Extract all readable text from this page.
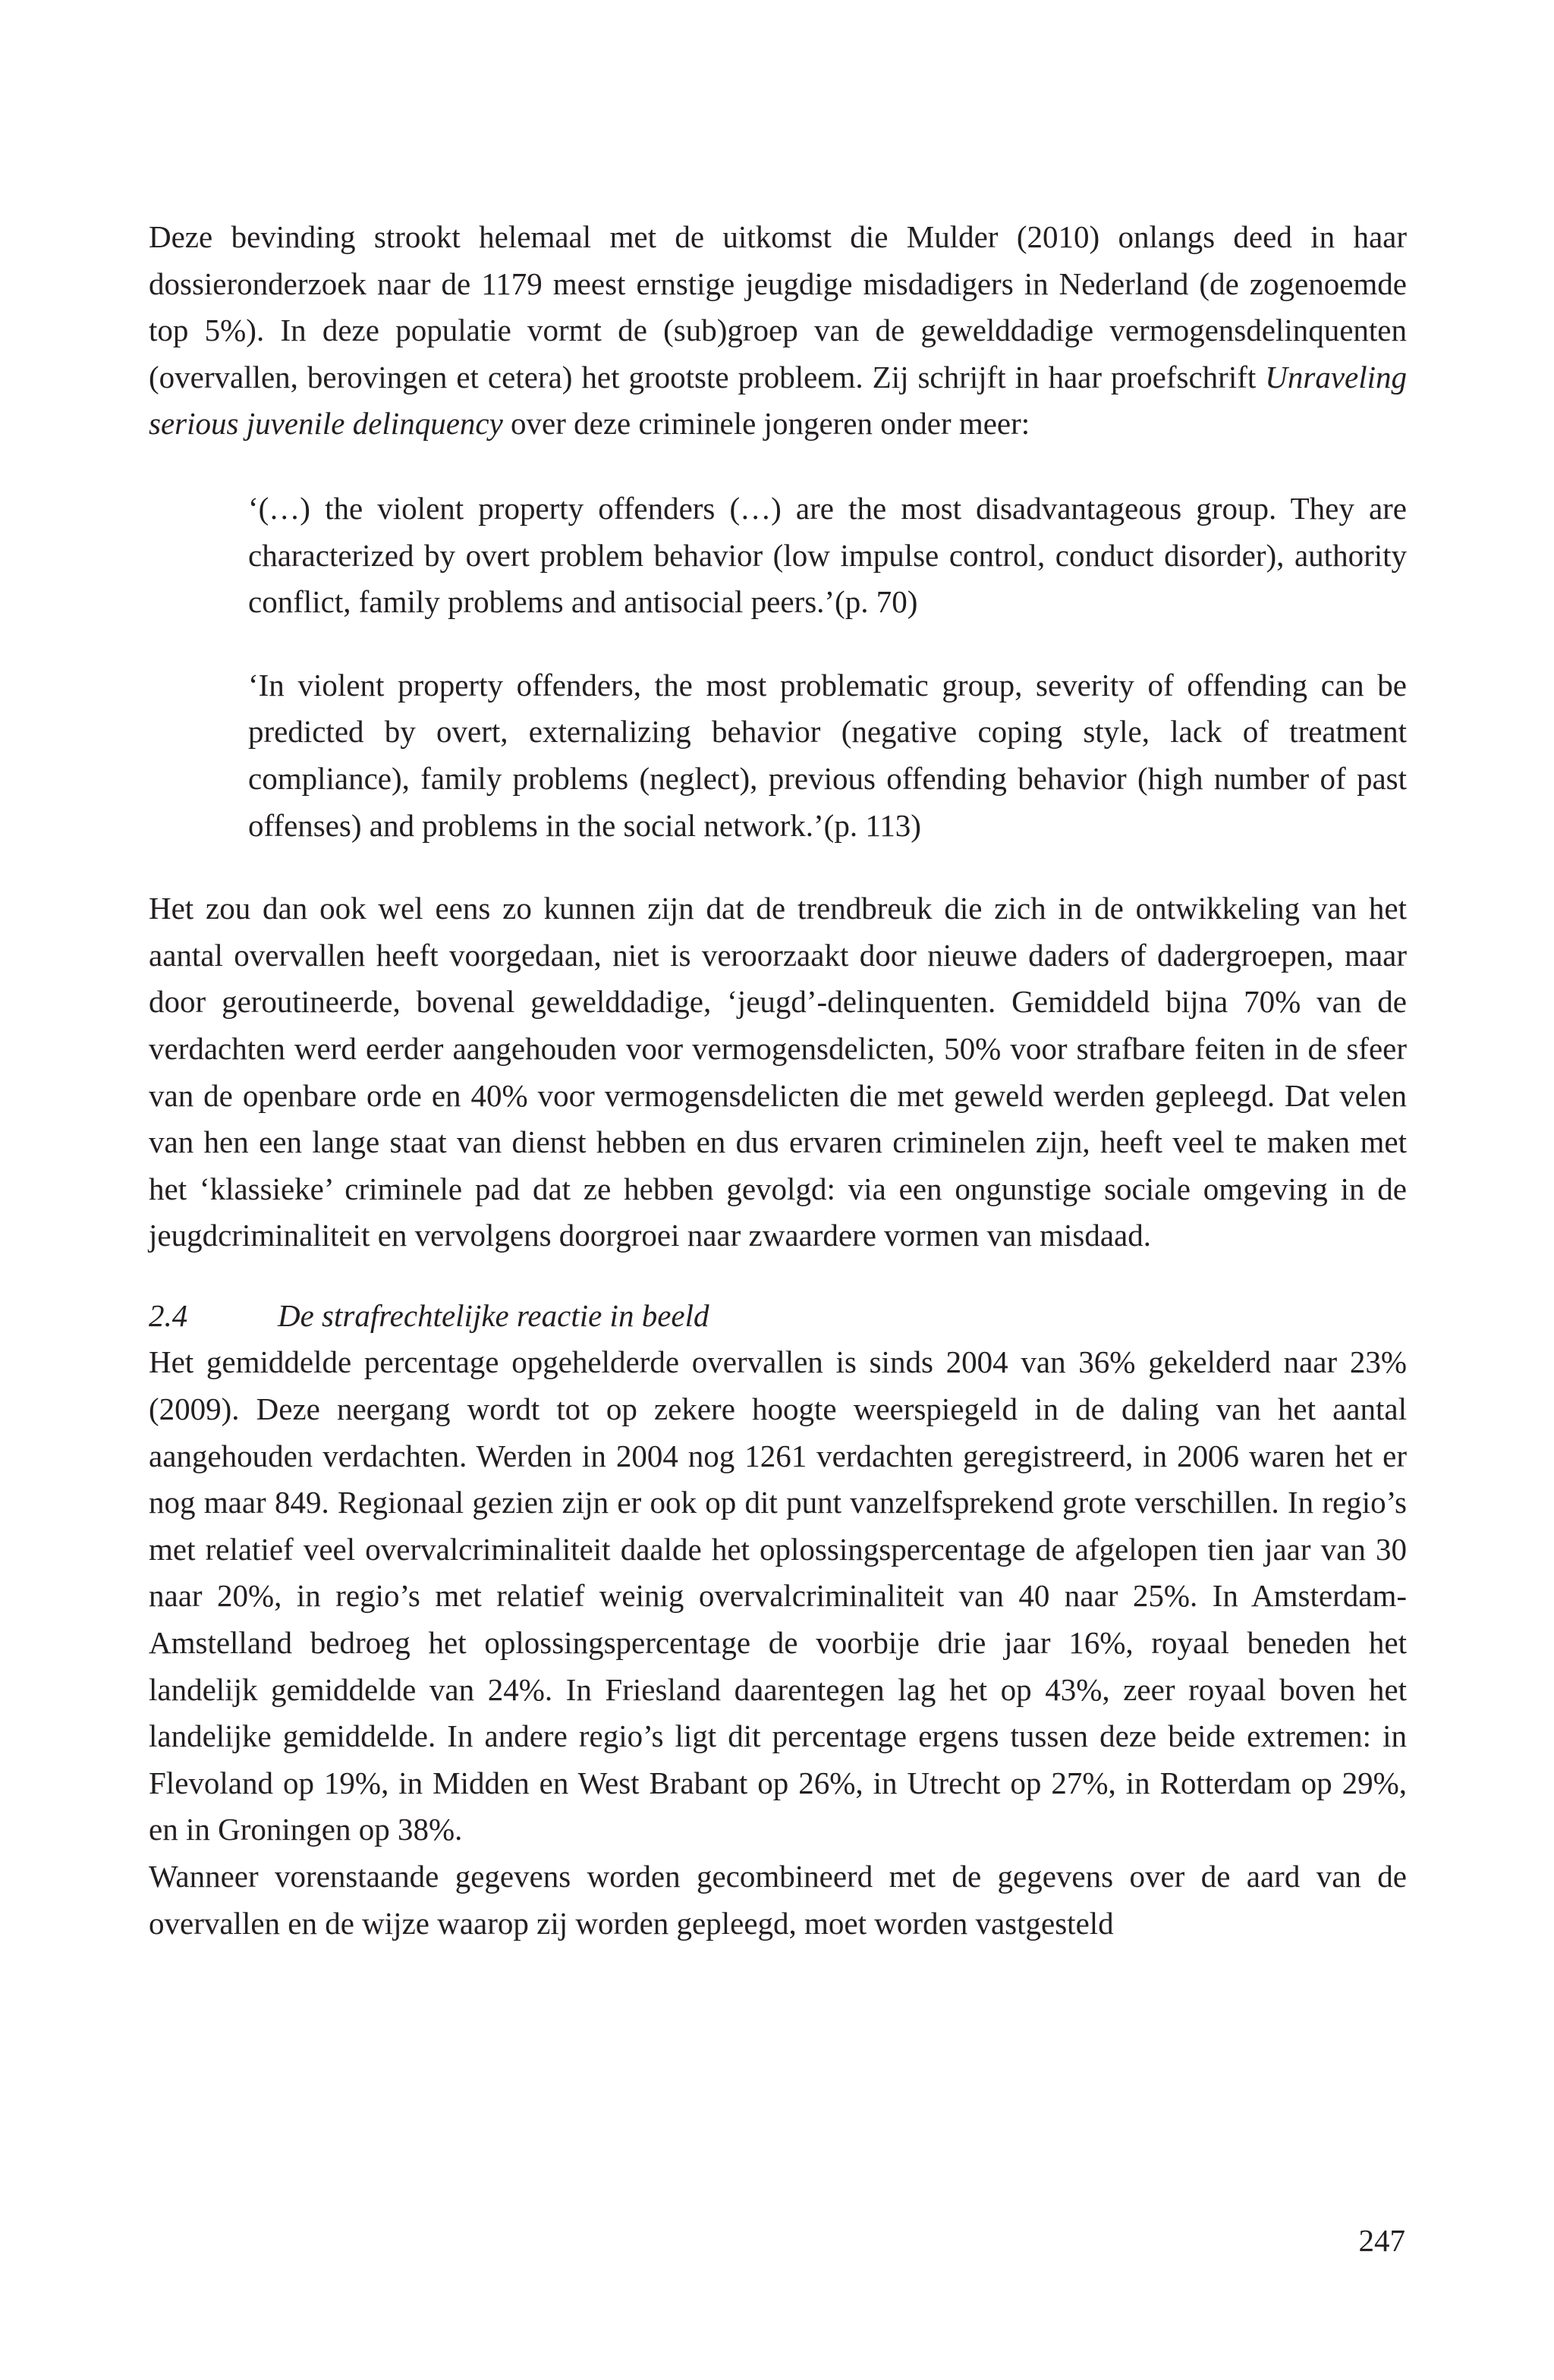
Deze bevinding strookt helemaal met de uitkomst die Mulder (2010) onlangs deed in haar dossieronderzoek naar de 1179 meest ernstige jeugdige misdadigers in Nederland (de zogenoemde top 5%). In deze populatie vormt de (sub)groep van de gewelddadige vermogensdelinquenten (overvallen, berovingen et cetera) het grootste probleem. Zij schrijft in haar proefschrift Unraveling serious juvenile delinquency over deze criminele jongeren onder meer:

‘(…) the violent property offenders (…) are the most disadvantageous group. They are characterized by overt problem behavior (low impulse control, conduct disorder), authority conflict, family problems and antisocial peers.’(p. 70)

‘In violent property offenders, the most problematic group, severity of offending can be predicted by overt, externalizing behavior (negative coping style, lack of treatment compliance), family problems (neglect), previous offending behavior (high number of past offenses) and problems in the social network.’(p. 113)

Het zou dan ook wel eens zo kunnen zijn dat de trendbreuk die zich in de ontwikkeling van het aantal overvallen heeft voorgedaan, niet is veroorzaakt door nieuwe daders of dadergroepen, maar door geroutineerde, bovenal gewelddadige, ‘jeugd’-delinquenten. Gemiddeld bijna 70% van de verdachten werd eerder aangehouden voor vermogensdelicten, 50% voor strafbare feiten in de sfeer van de openbare orde en 40% voor vermogensdelicten die met geweld werden gepleegd. Dat velen van hen een lange staat van dienst hebben en dus ervaren criminelen zijn, heeft veel te maken met het ‘klassieke’ criminele pad dat ze hebben gevolgd: via een ongunstige sociale omgeving in de jeugdcriminaliteit en vervolgens doorgroei naar zwaardere vormen van misdaad.

2.4	De strafrechtelijke reactie in beeld

Het gemiddelde percentage opgehelderde overvallen is sinds 2004 van 36% gekelderd naar 23% (2009). Deze neergang wordt tot op zekere hoogte weerspiegeld in de daling van het aantal aangehouden verdachten. Werden in 2004 nog 1261 verdachten geregistreerd, in 2006 waren het er nog maar 849. Regionaal gezien zijn er ook op dit punt vanzelfsprekend grote verschillen. In regio’s met relatief veel overvalcriminaliteit daalde het oplossingspercentage de afgelopen tien jaar van 30 naar 20%, in regio’s met relatief weinig overvalcriminaliteit van 40 naar 25%. In Amsterdam-Amstelland bedroeg het oplossingspercentage de voorbije drie jaar 16%, royaal beneden het landelijk gemiddelde van 24%. In Friesland daarentegen lag het op 43%, zeer royaal boven het landelijke gemiddelde. In andere regio’s ligt dit percentage ergens tussen deze beide extremen: in Flevoland op 19%, in Midden en West Brabant op 26%, in Utrecht op 27%, in Rotterdam op 29%, en in Groningen op 38%.

Wanneer vorenstaande gegevens worden gecombineerd met de gegevens over de aard van de overvallen en de wijze waarop zij worden gepleegd, moet worden vastgesteld

247
